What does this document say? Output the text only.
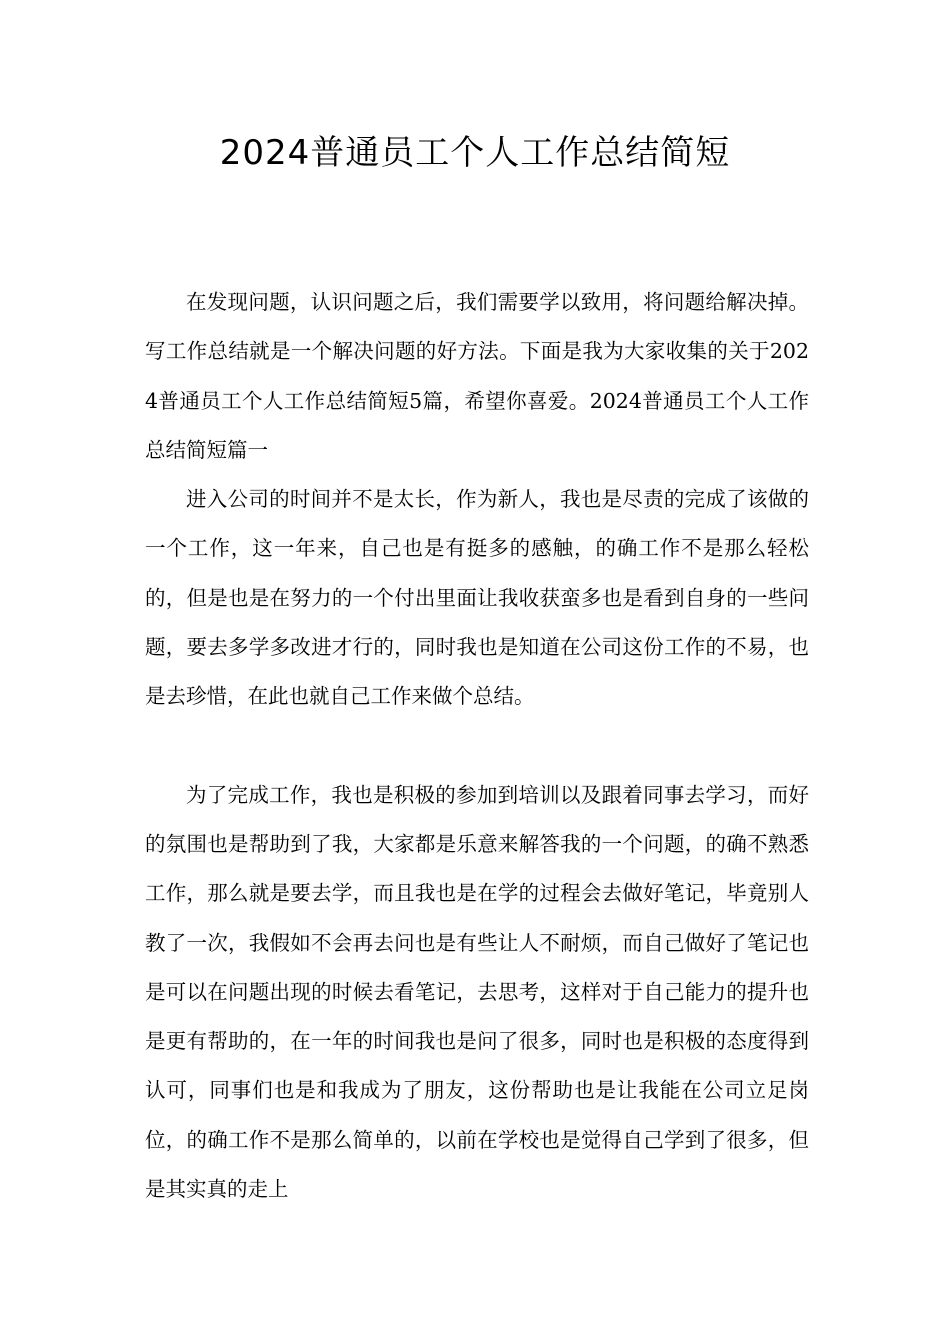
2024普通员工个人工作总结简短

在发现问题，认识问题之后，我们需要学以致用，将问题给解决掉。写工作总结就是一个解决问题的好方法。下面是我为大家收集的关于2024普通员工个人工作总结简短5篇，希望你喜爱。2024普通员工个人工作总结简短篇一

进入公司的时间并不是太长，作为新人，我也是尽责的完成了该做的一个工作，这一年来，自己也是有挺多的感触，的确工作不是那么轻松的，但是也是在努力的一个付出里面让我收获蛮多也是看到自身的一些问题，要去多学多改进才行的，同时我也是知道在公司这份工作的不易，也是去珍惜，在此也就自己工作来做个总结。

为了完成工作，我也是积极的参加到培训以及跟着同事去学习，而好的氛围也是帮助到了我，大家都是乐意来解答我的一个问题，的确不熟悉工作，那么就是要去学，而且我也是在学的过程会去做好笔记，毕竟别人教了一次，我假如不会再去问也是有些让人不耐烦，而自己做好了笔记也是可以在问题出现的时候去看笔记，去思考，这样对于自己能力的提升也是更有帮助的，在一年的时间我也是问了很多，同时也是积极的态度得到认可，同事们也是和我成为了朋友，这份帮助也是让我能在公司立足岗位，的确工作不是那么简单的，以前在学校也是觉得自己学到了很多，但是其实真的走上
